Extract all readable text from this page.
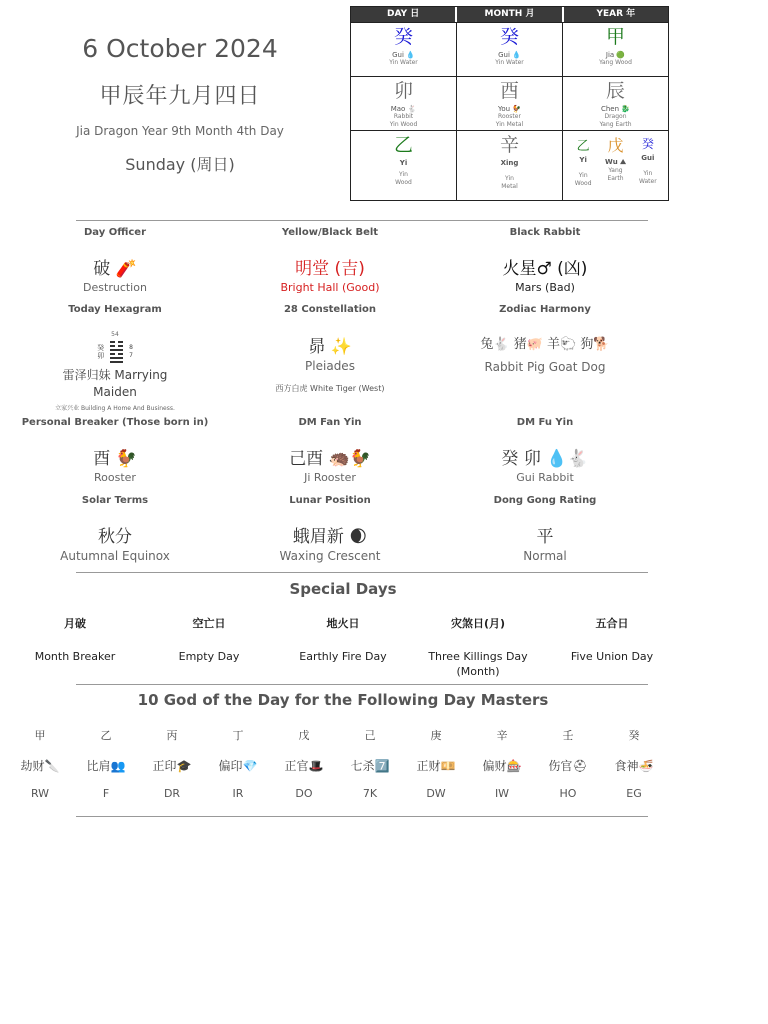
6 October 2024
甲辰年九月四日
Jia Dragon Year 9th Month 4th Day
Sunday (周日)
DAY 日	MONTH 月	YEAR 年
癸
Gui 💧
Yin Water
癸
Gui 💧
Yin Water
甲
Jia 🟢
Yang Wood
卯
Mao 🐇
Rabbit
Yin Wood
酉
You 🐓
Rooster
Yin Metal
辰
Chen 🐉
Dragon
Yang Earth
乙
Yi
Yin
Wood
辛
Xing
Yin
Metal
乙
Yi
Yin
Wood
戊
Wu ⛰
Yang
Earth
癸
Gui
Yin
Water
Day Officer
破 🧨
Destruction
Yellow/Black Belt
明堂 (吉)
Bright Hall (Good)
Black Rabbit
火星♂ (凶)
Mars (Bad)
Today Hexagram
54
癸
卯
8
7
雷泽归妹 Marrying Maiden
立家兴业 Building A Home And Business.
28 Constellation
昴 ✨
Pleiades
西方白虎 White Tiger (West)
Zodiac Harmony
兔🐇 猪🐖 羊🐑 狗🐕
Rabbit Pig Goat Dog
Personal Breaker (Those born in)
酉 🐓
Rooster
DM Fan Yin
己酉 🦔🐓
Ji Rooster
DM Fu Yin
癸 卯 💧🐇
Gui Rabbit
Solar Terms
秋分
Autumnal Equinox
Lunar Position
蛾眉新 🌒
Waxing Crescent
Dong Gong Rating
平
Normal
Special Days
月破
Month Breaker
空亡日
Empty Day
地火日
Earthly Fire Day
灾煞日(月)
Three Killings Day (Month)
五合日
Five Union Day
10 God of the Day for the Following Day Masters
甲
劫财🔪
RW
乙
比肩👥
F
丙
正印🎓
DR
丁
偏印💎
IR
戊
正官🎩
DO
己
七杀7️⃣
7K
庚
正财💴
DW
辛
偏财🎰
IW
壬
伤官⛑
HO
癸
食神🍜
EG
